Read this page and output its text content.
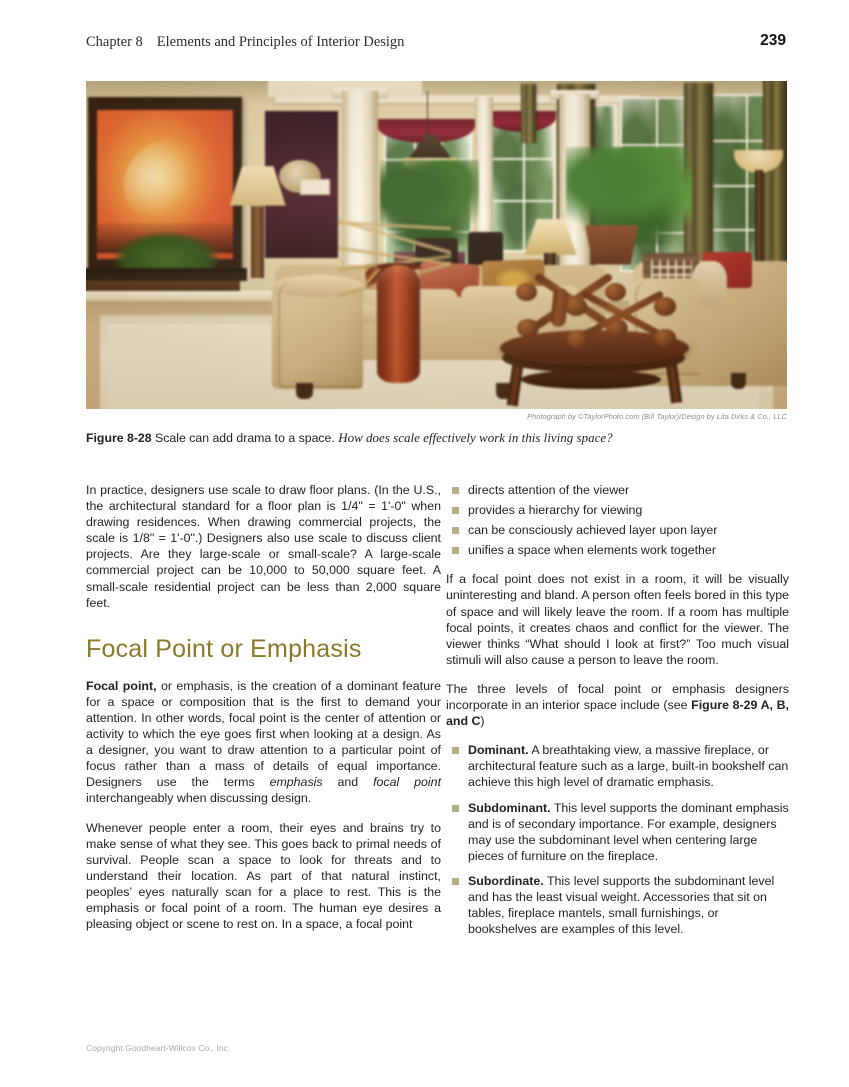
Chapter 8 Elements and Principles of Interior Design	239
Photograph by ©TaylorPhoto.com (Bill Taylor)/Design by Lita Dirks & Co., LLC
Figure 8-28 Scale can add drama to a space. How does scale effectively work in this living space?

In practice, designers use scale to draw floor plans. (In the U.S., the architectural standard for a floor plan is 1/4" = 1'-0" when drawing residences. When drawing commercial projects, the scale is 1/8" = 1'-0".) Designers also use scale to discuss client projects. Are they large-scale or small-scale? A large-scale commercial project can be 10,000 to 50,000 square feet. A small-scale residential project can be less than 2,000 square feet.

Focal Point or Emphasis

Focal point, or emphasis, is the creation of a dominant feature for a space or composition that is the first to demand your attention. In other words, focal point is the center of attention or activity to which the eye goes first when looking at a design. As a designer, you want to draw attention to a particular point of focus rather than a mass of details of equal importance. Designers use the terms emphasis and focal point interchangeably when discussing design.

Whenever people enter a room, their eyes and brains try to make sense of what they see. This goes back to primal needs of survival. People scan a space to look for threats and to understand their location. As part of that natural instinct, peoples’ eyes naturally scan for a place to rest. This is the emphasis or focal point of a room. The human eye desires a pleasing object or scene to rest on. In a space, a focal point

directs attention of the viewer
provides a hierarchy for viewing
can be consciously achieved layer upon layer
unifies a space when elements work together

If a focal point does not exist in a room, it will be visually uninteresting and bland. A person often feels bored in this type of space and will likely leave the room. If a room has multiple focal points, it creates chaos and conflict for the viewer. The viewer thinks “What should I look at first?” Too much visual stimuli will also cause a person to leave the room.

The three levels of focal point or emphasis designers incorporate in an interior space include (see Figure 8-29 A, B, and C)

Dominant. A breathtaking view, a massive fireplace, or architectural feature such as a large, built-in bookshelf can achieve this high level of dramatic emphasis.
Subdominant. This level supports the dominant emphasis and is of secondary importance. For example, designers may use the subdominant level when centering large pieces of furniture on the fireplace.
Subordinate. This level supports the subdominant level and has the least visual weight. Accessories that sit on tables, fireplace mantels, small furnishings, or bookshelves are examples of this level.
Copyright Goodheart-Willcox Co., Inc.
